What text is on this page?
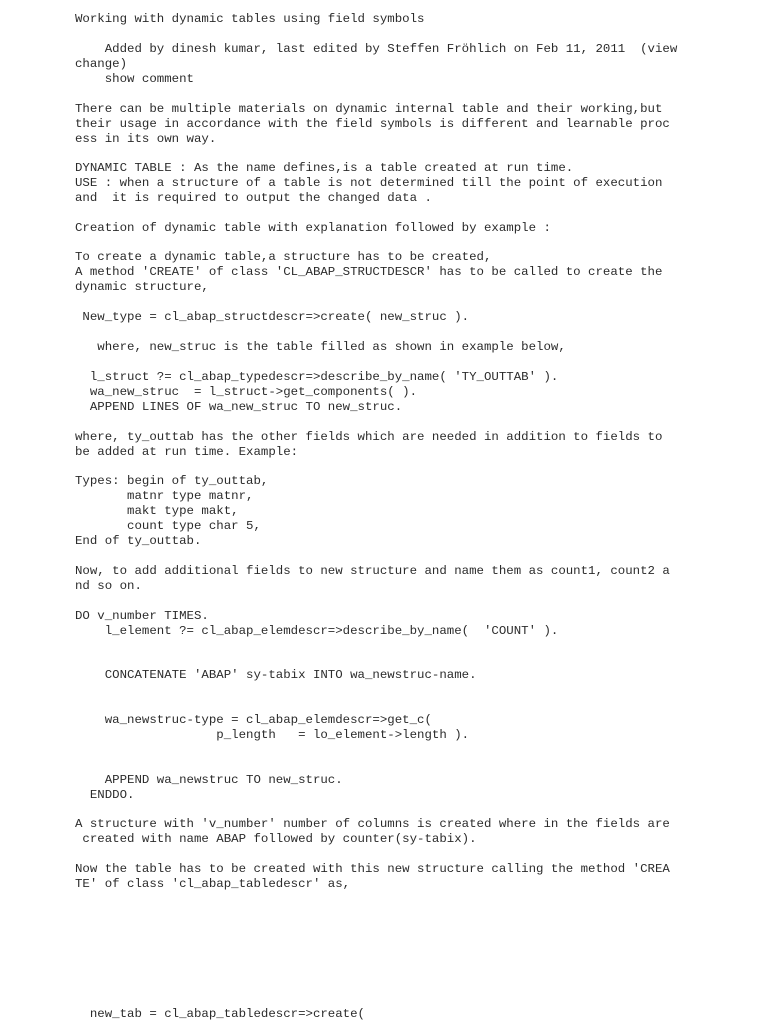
Working with dynamic tables using field symbols

Added by dinesh kumar, last edited by Steffen Fröhlich on Feb 11, 2011  (view

change)

show comment

There can be multiple materials on dynamic internal table and their working,but

their usage in accordance with the field symbols is different and learnable proc

ess in its own way.

DYNAMIC TABLE : As the name defines,is a table created at run time.

USE : when a structure of a table is not determined till the point of execution

and  it is required to output the changed data .

Creation of dynamic table with explanation followed by example :

To create a dynamic table,a structure has to be created,

A method 'CREATE' of class 'CL_ABAP_STRUCTDESCR' has to be called to create the

dynamic structure,

New_type = cl_abap_structdescr=>create( new_struc ).

where, new_struc is the table filled as shown in example below,

l_struct ?= cl_abap_typedescr=>describe_by_name( 'TY_OUTTAB' ).

wa_new_struc  = l_struct->get_components( ).

APPEND LINES OF wa_new_struc TO new_struc.

where, ty_outtab has the other fields which are needed in addition to fields to

be added at run time. Example:

Types: begin of ty_outtab,

matnr type matnr,

makt type makt,

count type char 5,

End of ty_outtab.

Now, to add additional fields to new structure and name them as count1, count2 a

nd so on.

DO v_number TIMES.

l_element ?= cl_abap_elemdescr=>describe_by_name(  'COUNT' ).

CONCATENATE 'ABAP' sy-tabix INTO wa_newstruc-name.

wa_newstruc-type = cl_abap_elemdescr=>get_c(

p_length   = lo_element->length ).

APPEND wa_newstruc TO new_struc.

ENDDO.

A structure with 'v_number' number of columns is created where in the fields are

created with name ABAP followed by counter(sy-tabix).

Now the table has to be created with this new structure calling the method 'CREA

TE' of class 'cl_abap_tabledescr' as,

new_tab = cl_abap_tabledescr=>create(
